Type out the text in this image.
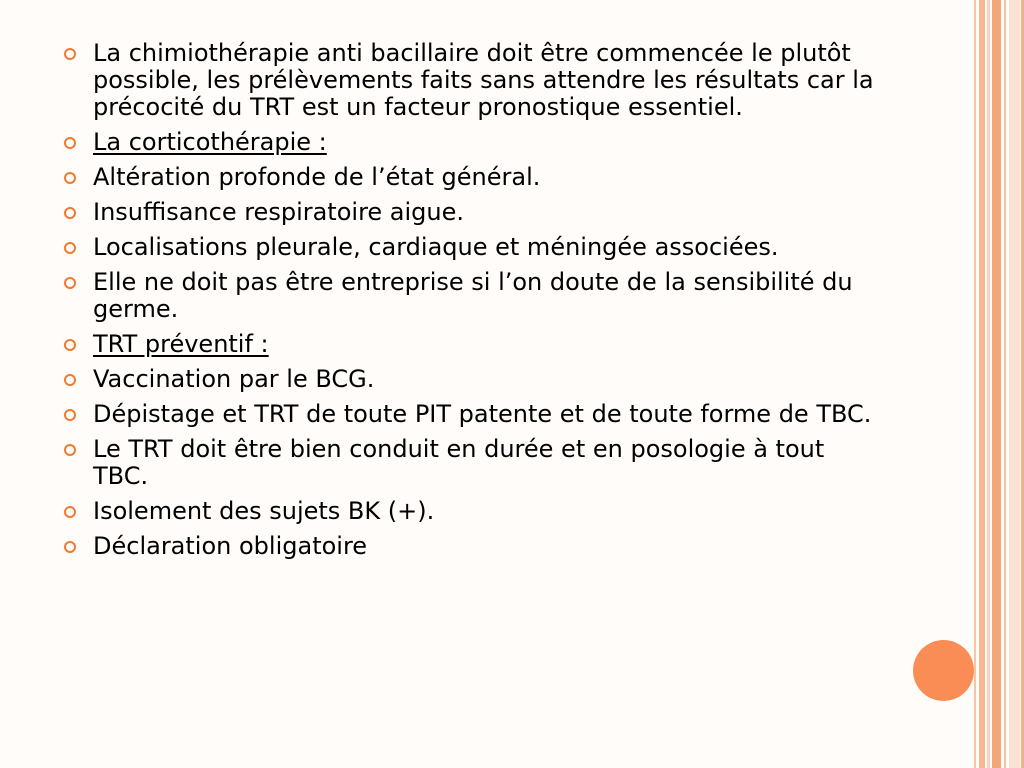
La chimiothérapie anti bacillaire doit être commencée le plutôt possible, les prélèvements faits sans attendre les résultats car la précocité du TRT est un facteur pronostique essentiel.
La corticothérapie :
Altération profonde de l’état général.
Insuffisance respiratoire aigue.
Localisations pleurale, cardiaque et méningée associées.
Elle ne doit pas être entreprise si l’on doute de la sensibilité du germe.
TRT préventif :
Vaccination par le BCG.
Dépistage et TRT de toute PIT patente et de toute forme de TBC.
Le TRT doit être bien conduit en durée et en posologie à tout TBC.
Isolement des sujets BK (+).
Déclaration obligatoire
